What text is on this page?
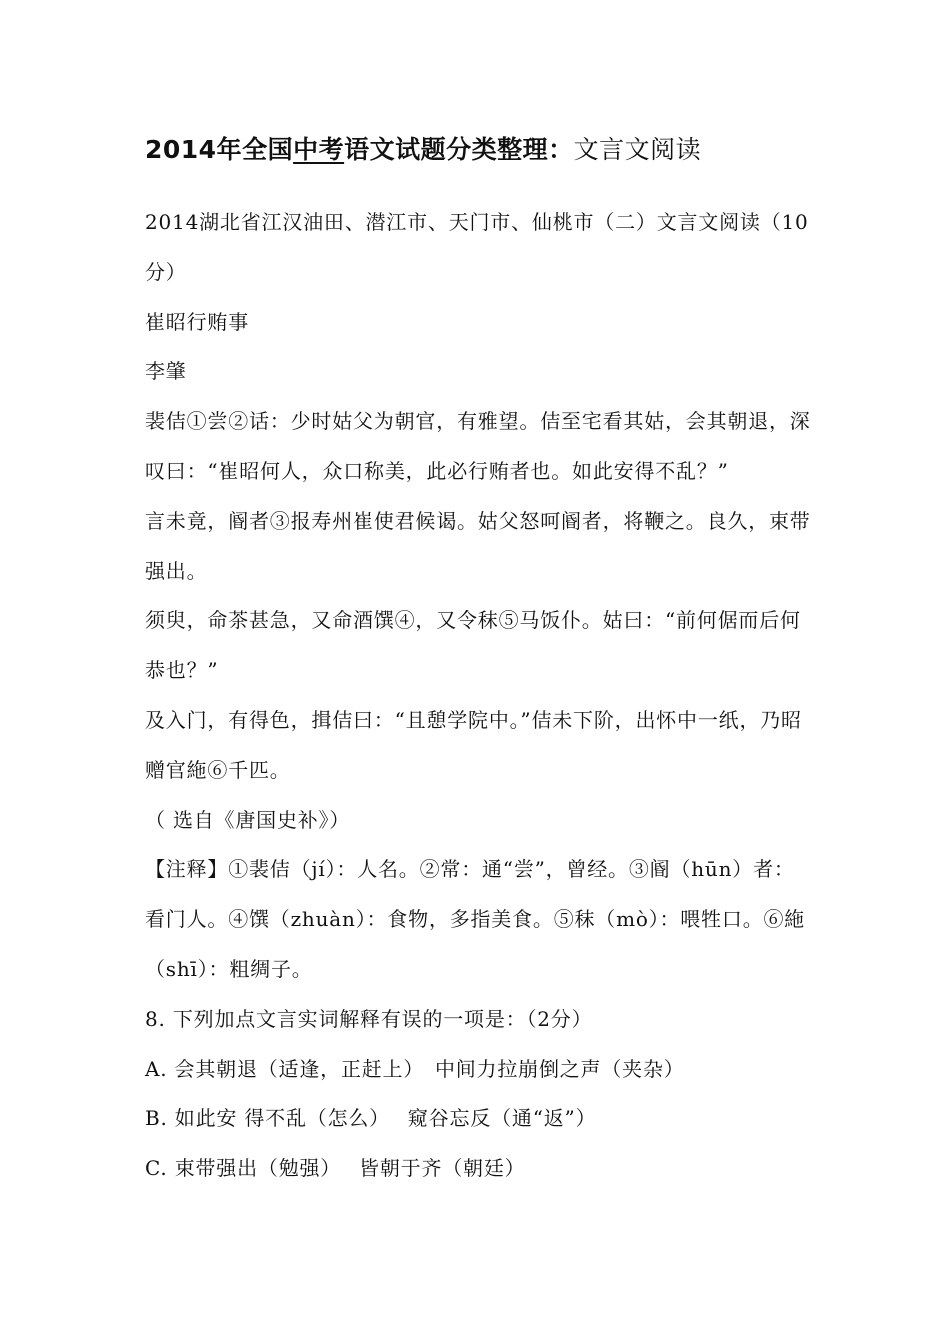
2014年全国中考语文试题分类整理：文言文阅读

2014湖北省江汉油田、潜江市、天门市、仙桃市（二）文言文阅读（10分）

崔昭行贿事

李肇

裴佶①尝②话：少时姑父为朝官，有雅望。佶至宅看其姑，会其朝退，深叹曰：“崔昭何人，众口称美，此必行贿者也。如此安得不乱？”

言未竟，阍者③报寿州崔使君候谒。姑父怒呵阍者，将鞭之。良久，束带强出。

须臾，命茶甚急，又命酒馔④，又令秣⑤马饭仆。姑曰：“前何倨而后何恭也？”

及入门，有得色，揖佶曰：“且憩学院中。”佶未下阶，出怀中一纸，乃昭赠官絁⑥千匹。

（ 选自《唐国史补》）

【注释】①裴佶（jí）：人名。②常：通“尝”，曾经。③阍（hūn）者：看门人。④馔（zhuàn）：食物，多指美食。⑤秣（mò）：喂牲口。⑥絁（shī）：粗绸子。

8. 下列加点文言实词解释有误的一项是：（2分）

A. 会其朝退（适逢，正赶上）　中间力拉崩倒之声（夹杂）

B. 如此安 得不乱（怎么）　 窥谷忘反（通“返”）

C. 束带强出（勉强）　 皆朝于齐（朝廷）
